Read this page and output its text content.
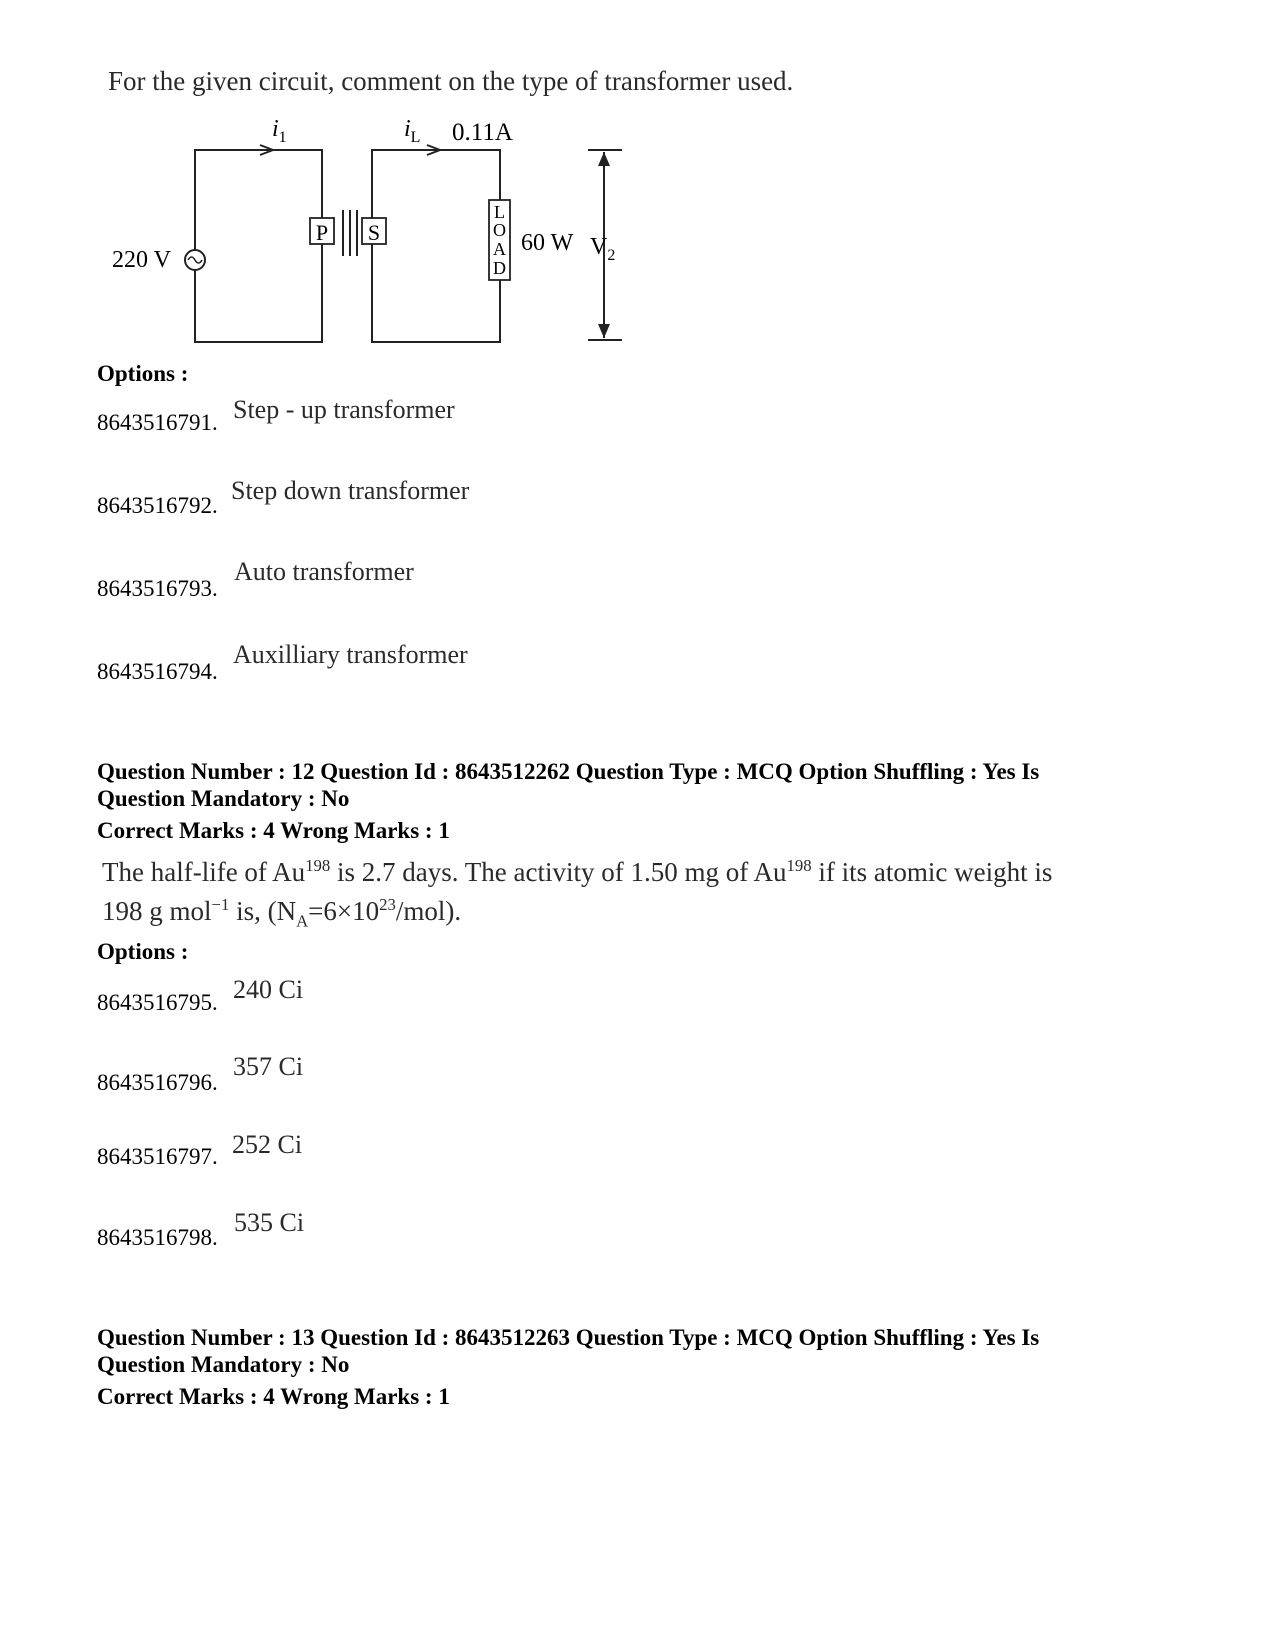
For the given circuit, comment on the type of transformer used.
P S
L
O
A
D
220 V
$i_1$	$i_L$ 0.11A
60 W $V_2$
Options :
8643516791. Step - up transformer
8643516792.
Step down transformer
8643516793.
Auto transformer
8643516794.
Auxilliary transformer
Question Number : 12 Question Id : 8643512262 Question Type : MCQ Option Shuffling : Yes Is
Question Mandatory : No
Correct Marks : 4 Wrong Marks : 1
The half-life of Au$^{198}$ is 2.7 days. The activity of 1.50 mg of Au$^{198}$ if its atomic weight is
198 g mol$^{-1}$ is, $(N_A=6\times 10^{23}/mol)$.
Options :
8643516795. 240 Ci
8643516796.
357 Ci
8643516797. 252 Ci
8643516798.
535 Ci
Question Number : 13 Question Id : 8643512263 Question Type : MCQ Option Shuffling : Yes Is
Question Mandatory : No
Correct Marks : 4 Wrong Marks : 1
